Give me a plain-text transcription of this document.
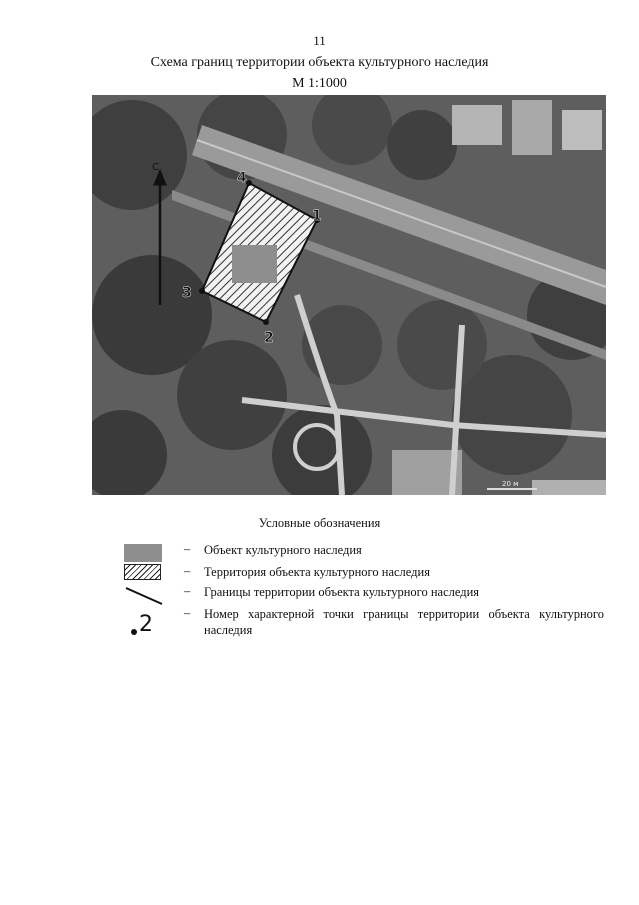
11
Схема границ территории объекта культурного наследия
М 1:1000
С
1
2
3
4
20 м
Условные обозначения
– Объект культурного наследия
– Территория объекта культурного наследия
– Границы территории объекта культурного наследия
2 – Номер характерной точки границы территории объекта культурного наследия
